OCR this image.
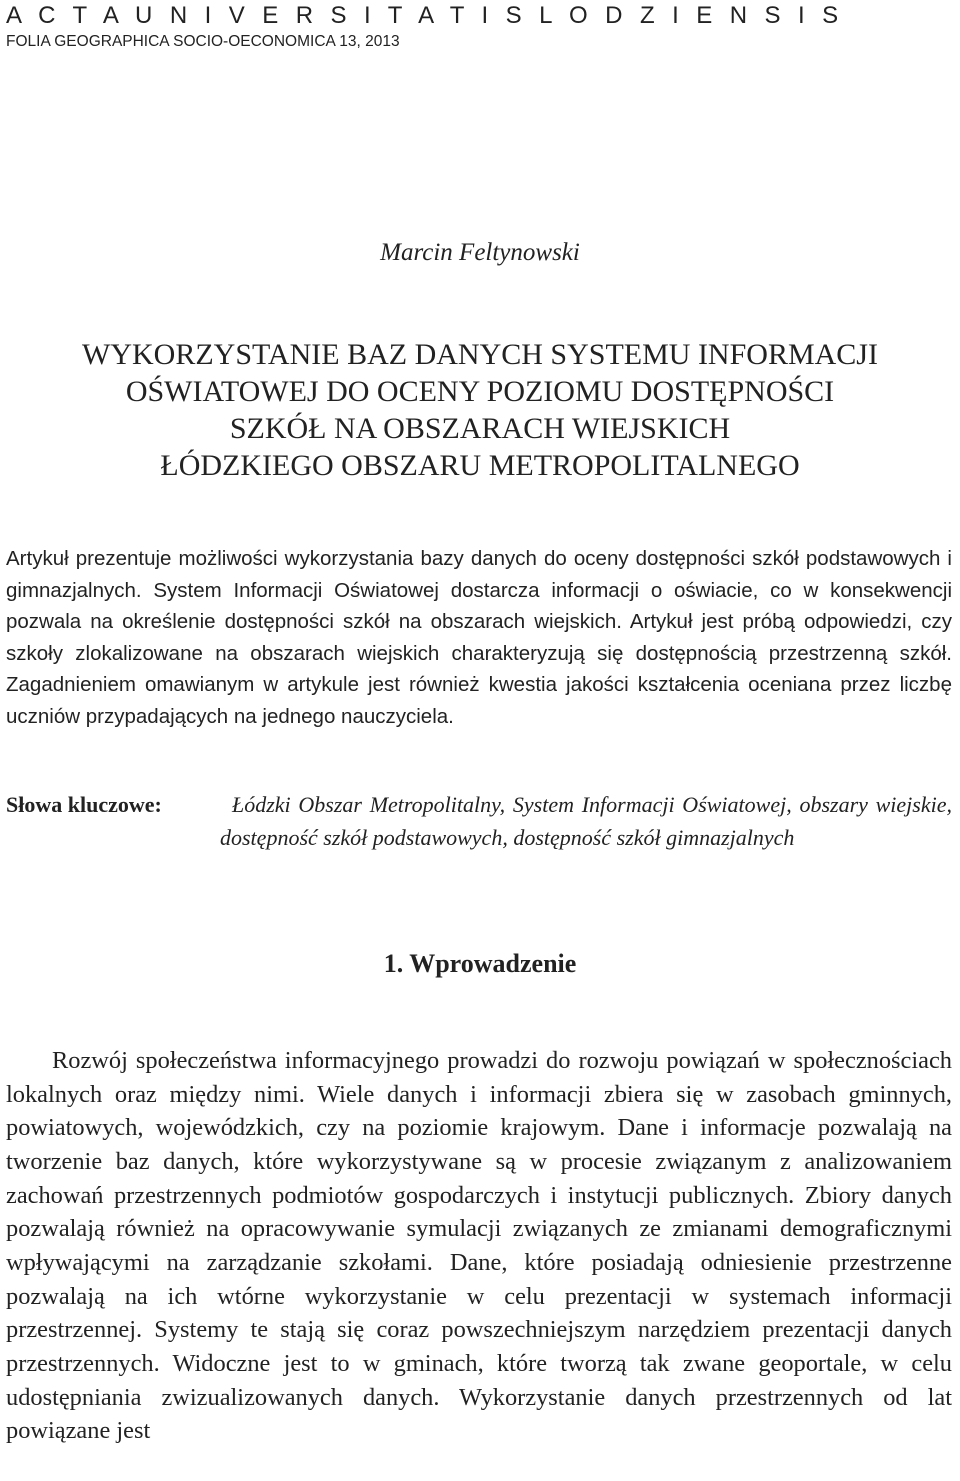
A C T A U N I V E R S I T A T I S L O D Z I E N S I S
FOLIA GEOGRAPHICA SOCIO-OECONOMICA 13, 2013
Marcin Feltynowski
WYKORZYSTANIE BAZ DANYCH SYSTEMU INFORMACJI
OŚWIATOWEJ DO OCENY POZIOMU DOSTĘPNOŚCI
SZKÓŁ NA OBSZARACH WIEJSKICH
ŁÓDZKIEGO OBSZARU METROPOLITALNEGO

Artykuł prezentuje możliwości wykorzystania bazy danych do oceny dostępności szkół podstawowych i gimnazjalnych. System Informacji Oświatowej dostarcza informacji o oświacie, co w konsekwencji pozwala na określenie dostępności szkół na obszarach wiejskich. Artykuł jest próbą odpowiedzi, czy szkoły zlokalizowane na obszarach wiejskich charakteryzują się dostępnością przestrzenną szkół. Zagadnieniem omawianym w artykule jest również kwestia jakości kształcenia oceniana przez liczbę uczniów przypadających na jednego nauczyciela.

Słowa kluczowe:	Łódzki Obszar Metropolitalny, System Informacji Oświatowej, obszary wiejskie, dostępność szkół podstawowych, dostępność szkół gimnazjalnych
1. Wprowadzenie

Rozwój społeczeństwa informacyjnego prowadzi do rozwoju powiązań w społecznościach lokalnych oraz między nimi. Wiele danych i informacji zbiera się w zasobach gminnych, powiatowych, wojewódzkich, czy na poziomie krajowym. Dane i informacje pozwalają na tworzenie baz danych, które wykorzystywane są w procesie związanym z analizowaniem zachowań przestrzennych podmiotów gospodarczych i instytucji publicznych. Zbiory danych pozwalają również na opracowywanie symulacji związanych ze zmianami demograficznymi wpływającymi na zarządzanie szkołami. Dane, które posiadają odniesienie przestrzenne pozwalają na ich wtórne wykorzystanie w celu prezentacji w systemach informacji przestrzennej. Systemy te stają się coraz powszechniejszym narzędziem prezentacji danych przestrzennych. Widoczne jest to w gminach, które tworzą tak zwane geoportale, w celu udostępniania zwizualizowanych danych. Wykorzystanie danych przestrzennych od lat powiązane jest
